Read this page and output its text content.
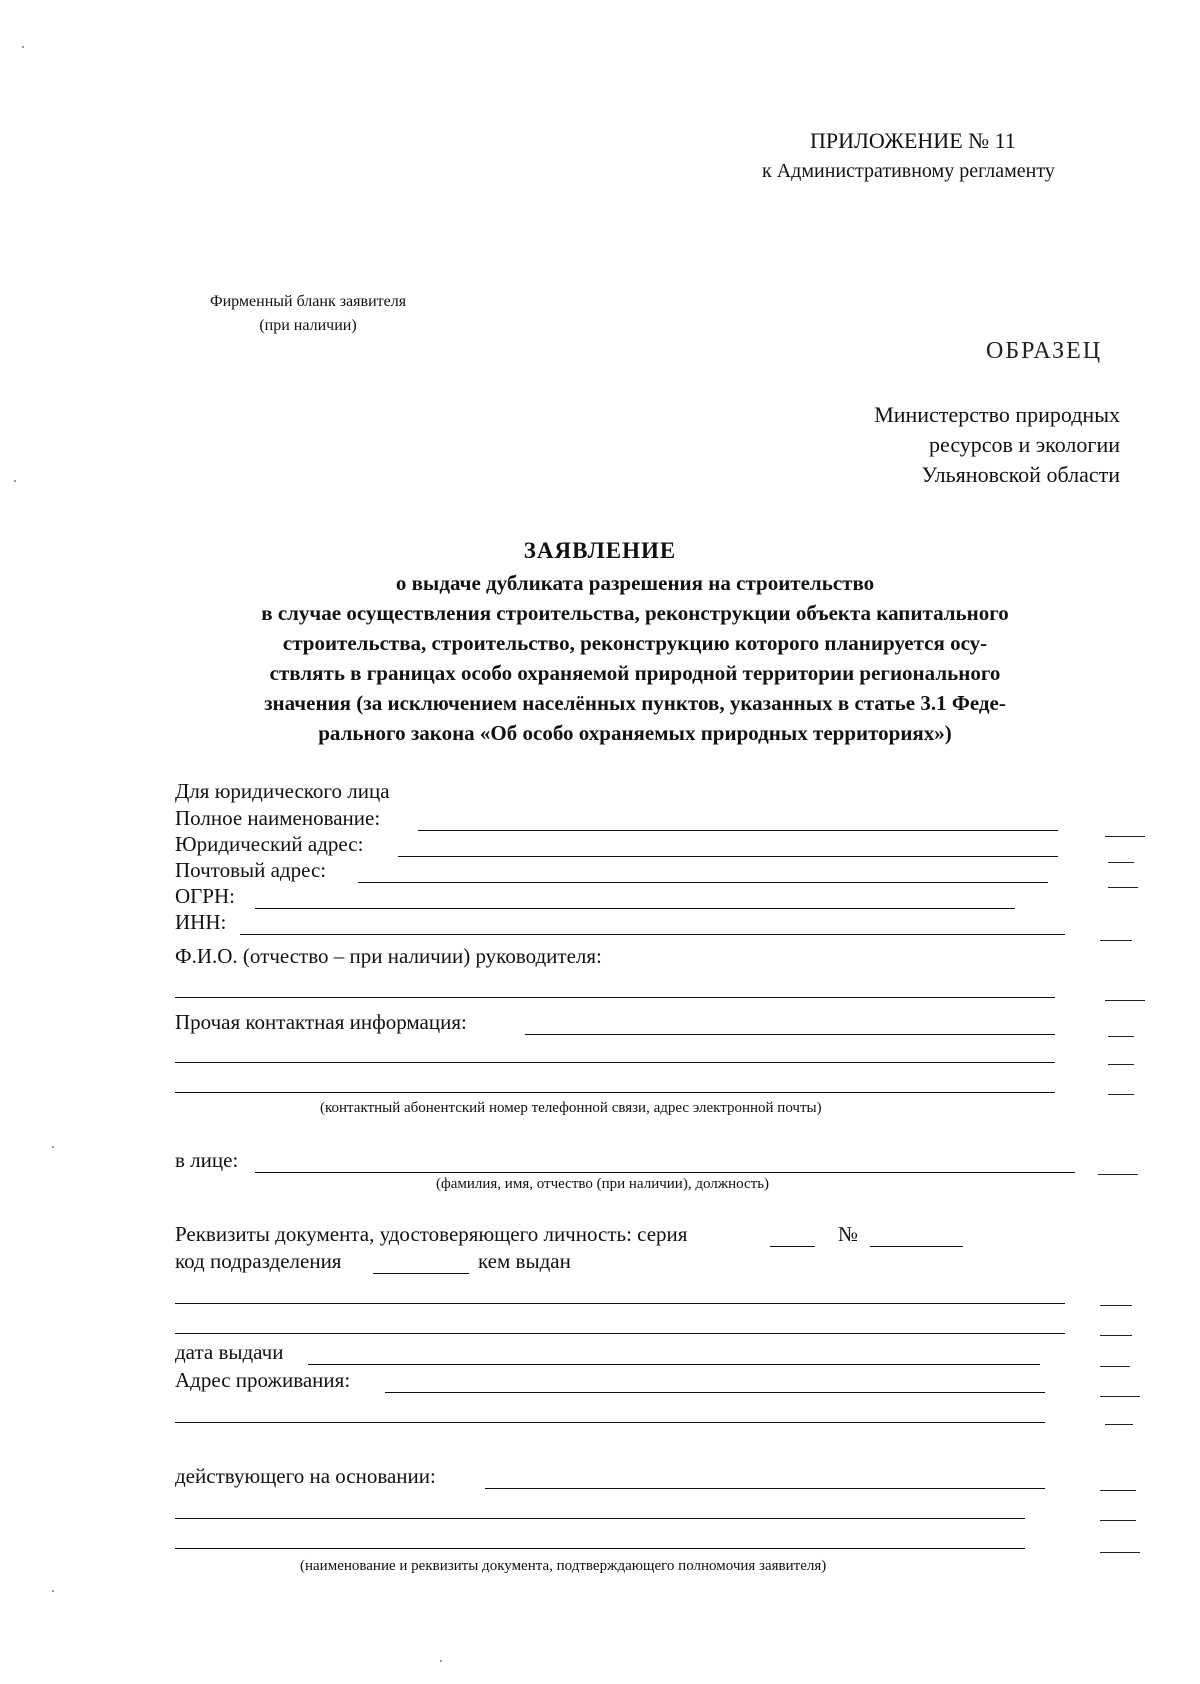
ПРИЛОЖЕНИЕ № 11
к Административному регламенту
Фирменный бланк заявителя
(при наличии)
ОБРАЗЕЦ
Министерство природных
ресурсов и экологии
Ульяновской области
ЗАЯВЛЕНИЕ
о выдаче дубликата разрешения на строительство
в случае осуществления строительства, реконструкции объекта капитального
строительства, строительство, реконструкцию которого планируется осу-
ствлять в границах особо охраняемой природной территории регионального
значения (за исключением населённых пунктов, указанных в статье 3.1 Феде-
рального закона «Об особо охраняемых природных территориях»)
Для юридического лица
Полное наименование:
Юридический адрес:
Почтовый адрес:
ОГРН:
ИНН:
Ф.И.О. (отчество – при наличии) руководителя:
Прочая контактная информация:
(контактный абонентский номер телефонной связи, адрес электронной почты)
в лице:
(фамилия, имя, отчество (при наличии), должность)
Реквизиты документа, удостоверяющего личность: серия	№
код подразделения	кем выдан
дата выдачи
Адрес проживания:
действующего на основании:
(наименование и реквизиты документа, подтверждающего полномочия заявителя)
